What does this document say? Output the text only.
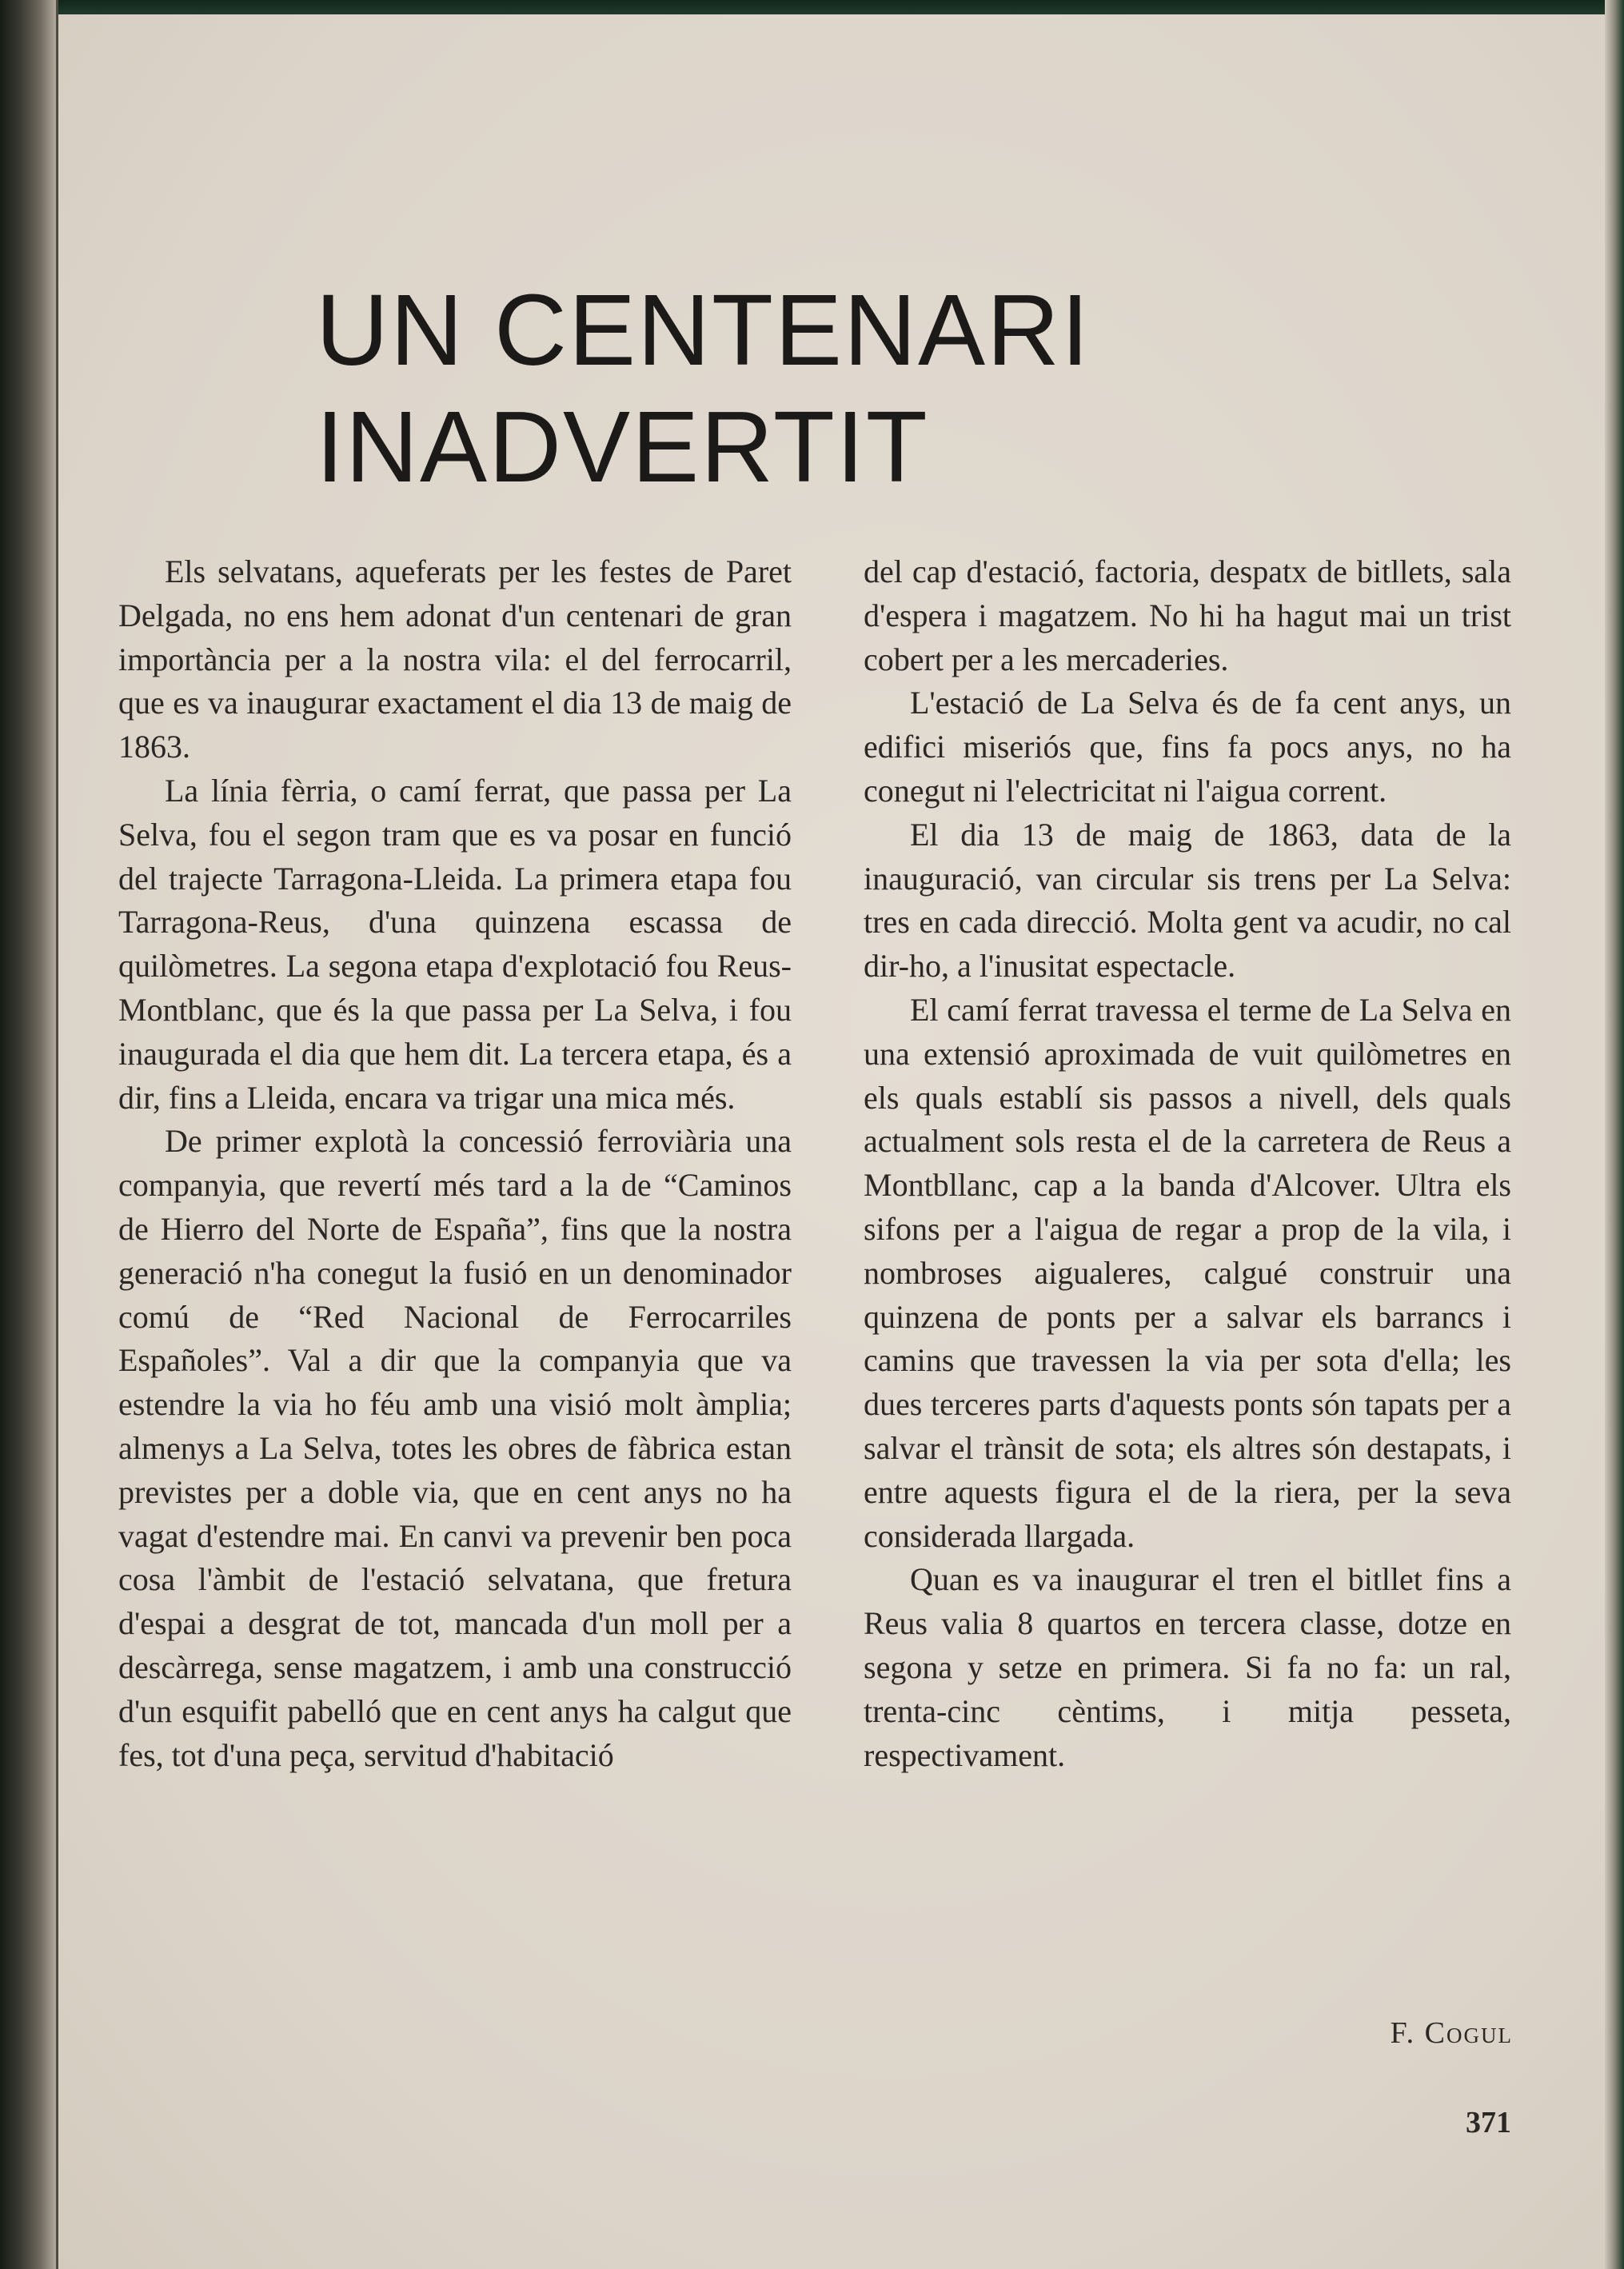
UN CENTENARI
INADVERTIT

Els selvatans, aqueferats per les festes de Paret Delgada, no ens hem adonat d'un centenari de gran importància per a la nostra vila: el del ferrocarril, que es va inaugurar exactament el dia 13 de maig de 1863.

La línia fèrria, o camí ferrat, que passa per La Selva, fou el segon tram que es va posar en funció del trajecte Tarragona-Lleida. La primera etapa fou Tarragona-Reus, d'una quinzena escassa de quilòmetres. La segona etapa d'explotació fou Reus-Montblanc, que és la que passa per La Selva, i fou inaugurada el dia que hem dit. La tercera etapa, és a dir, fins a Lleida, encara va trigar una mica més.

De primer explotà la concessió ferroviària una companyia, que revertí més tard a la de “Caminos de Hierro del Norte de España”, fins que la nostra generació n'ha conegut la fusió en un denominador comú de “Red Nacional de Ferrocarriles Españoles”. Val a dir que la companyia que va estendre la via ho féu amb una visió molt àmplia; almenys a La Selva, totes les obres de fàbrica estan previstes per a doble via, que en cent anys no ha vagat d'estendre mai. En canvi va prevenir ben poca cosa l'àmbit de l'estació selvatana, que fretura d'espai a desgrat de tot, mancada d'un moll per a descàrrega, sense magatzem, i amb una construcció d'un esquifit pabelló que en cent anys ha calgut que fes, tot d'una peça, servitud d'habitació

del cap d'estació, factoria, despatx de bitllets, sala d'espera i magatzem. No hi ha hagut mai un trist cobert per a les mercaderies.

L'estació de La Selva és de fa cent anys, un edifici miseriós que, fins fa pocs anys, no ha conegut ni l'electricitat ni l'aigua corrent.

El dia 13 de maig de 1863, data de la inauguració, van circular sis trens per La Selva: tres en cada direcció. Molta gent va acudir, no cal dir-ho, a l'inusitat espectacle.

El camí ferrat travessa el terme de La Selva en una extensió aproximada de vuit quilòmetres en els quals establí sis passos a nivell, dels quals actualment sols resta el de la carretera de Reus a Montbllanc, cap a la banda d'Alcover. Ultra els sifons per a l'aigua de regar a prop de la vila, i nombroses aigualeres, calgué construir una quinzena de ponts per a salvar els barrancs i camins que travessen la via per sota d'ella; les dues terceres parts d'aquests ponts són tapats per a salvar el trànsit de sota; els altres són destapats, i entre aquests figura el de la riera, per la seva considerada llargada.

Quan es va inaugurar el tren el bitllet fins a Reus valia 8 quartos en tercera classe, dotze en segona y setze en primera. Si fa no fa: un ral, trenta-cinc cèntims, i mitja pesseta, respectivament.

F. Cogul
371
